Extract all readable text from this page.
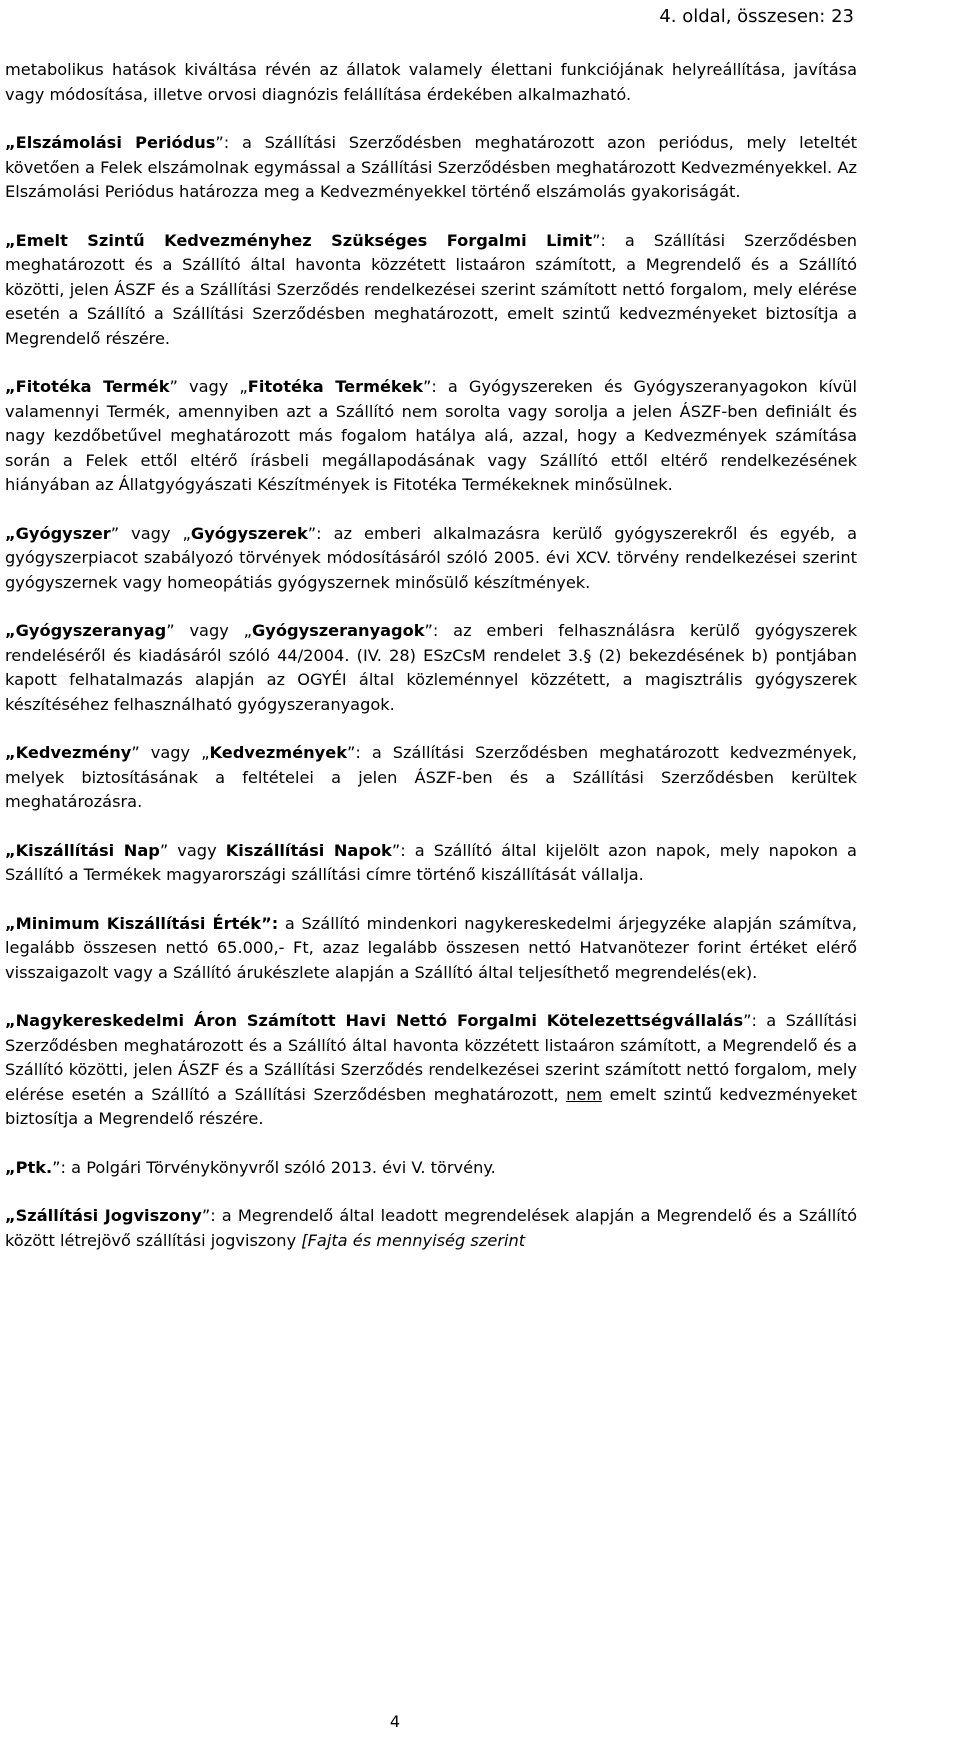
4. oldal, összesen: 23

metabolikus hatások kiváltása révén az állatok valamely élettani funkciójának helyreállítása, javítása vagy módosítása, illetve orvosi diagnózis felállítása érdekében alkalmazható.

„Elszámolási Periódus”: a Szállítási Szerződésben meghatározott azon periódus, mely leteltét követően a Felek elszámolnak egymással a Szállítási Szerződésben meghatározott Kedvezményekkel. Az Elszámolási Periódus határozza meg a Kedvezményekkel történő elszámolás gyakoriságát.

„Emelt Szintű Kedvezményhez Szükséges Forgalmi Limit”: a Szállítási Szerződésben meghatározott és a Szállító által havonta közzétett listaáron számított, a Megrendelő és a Szállító közötti, jelen ÁSZF és a Szállítási Szerződés rendelkezései szerint számított nettó forgalom, mely elérése esetén a Szállító a Szállítási Szerződésben meghatározott, emelt szintű kedvezményeket biztosítja a Megrendelő részére.

„Fitotéka Termék” vagy „Fitotéka Termékek”: a Gyógyszereken és Gyógyszeranyagokon kívül valamennyi Termék, amennyiben azt a Szállító nem sorolta vagy sorolja a jelen ÁSZF-ben definiált és nagy kezdőbetűvel meghatározott más fogalom hatálya alá, azzal, hogy a Kedvezmények számítása során a Felek ettől eltérő írásbeli megállapodásának vagy Szállító ettől eltérő rendelkezésének hiányában az Állatgyógyászati Készítmények is Fitotéka Termékeknek minősülnek.

„Gyógyszer” vagy „Gyógyszerek”: az emberi alkalmazásra kerülő gyógyszerekről és egyéb, a gyógyszerpiacot szabályozó törvények módosításáról szóló 2005. évi XCV. törvény rendelkezései szerint gyógyszernek vagy homeopátiás gyógyszernek minősülő készítmények.

„Gyógyszeranyag” vagy „Gyógyszeranyagok”: az emberi felhasználásra kerülő gyógyszerek rendeléséről és kiadásáról szóló 44/2004. (IV. 28) ESzCsM rendelet 3.§ (2) bekezdésének b) pontjában kapott felhatalmazás alapján az OGYÉI által közleménnyel közzétett, a magisztrális gyógyszerek készítéséhez felhasználható gyógyszeranyagok.

„Kedvezmény” vagy „Kedvezmények”: a Szállítási Szerződésben meghatározott kedvezmények, melyek biztosításának a feltételei a jelen ÁSZF-ben és a Szállítási Szerződésben kerültek meghatározásra.

„Kiszállítási Nap” vagy Kiszállítási Napok”: a Szállító által kijelölt azon napok, mely napokon a Szállító a Termékek magyarországi szállítási címre történő kiszállítását vállalja.

„Minimum Kiszállítási Érték”: a Szállító mindenkori nagykereskedelmi árjegyzéke alapján számítva, legalább összesen nettó 65.000,- Ft, azaz legalább összesen nettó Hatvanötezer forint értéket elérő visszaigazolt vagy a Szállító árukészlete alapján a Szállító által teljesíthető megrendelés(ek).

„Nagykereskedelmi Áron Számított Havi Nettó Forgalmi Kötelezettségvállalás”: a Szállítási Szerződésben meghatározott és a Szállító által havonta közzétett listaáron számított, a Megrendelő és a Szállító közötti, jelen ÁSZF és a Szállítási Szerződés rendelkezései szerint számított nettó forgalom, mely elérése esetén a Szállító a Szállítási Szerződésben meghatározott, nem emelt szintű kedvezményeket biztosítja a Megrendelő részére.

„Ptk.”: a Polgári Törvénykönyvről szóló 2013. évi V. törvény.

„Szállítási Jogviszony”: a Megrendelő által leadott megrendelések alapján a Megrendelő és a Szállító között létrejövő szállítási jogviszony [Fajta és mennyiség szerint

4
